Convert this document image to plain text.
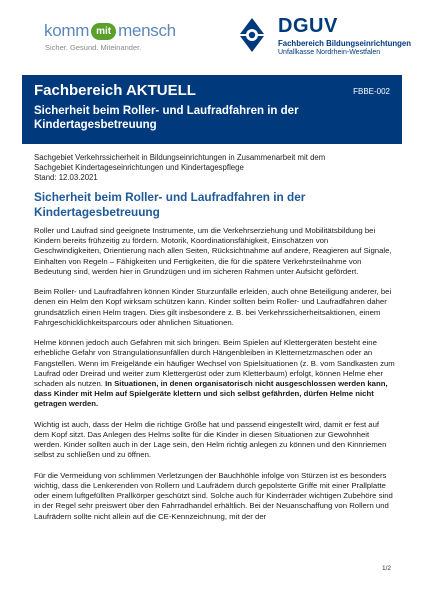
komm mit mensch
Sicher. Gesund. Miteinander.
DGUV
Fachbereich Bildungseinrichtungen
Unfallkasse Nordrhein-Westfalen
Fachbereich AKTUELL	FBBE-002
Sicherheit beim Roller- und Laufradfahren in der Kindertagesbetreuung
Sachgebiet Verkehrssicherheit in Bildungseinrichtungen in Zusammenarbeit mit dem
Sachgebiet Kindertageseinrichtungen und Kindertagespflege
Stand: 12.03.2021
Sicherheit beim Roller- und Laufradfahren in der Kindertagesbetreuung

Roller und Laufrad sind geeignete Instrumente, um die Verkehrserziehung und Mobilitätsbildung bei Kindern bereits frühzeitig zu fördern. Motorik, Koordinationsfähigkeit, Einschätzen von Geschwindigkeiten, Orientierung nach allen Seiten, Rücksichtnahme auf andere, Reagieren auf Signale, Einhalten von Regeln – Fähigkeiten und Fertigkeiten, die für die spätere Verkehrsteilnahme von Bedeutung sind, werden hier in Grundzügen und im sicheren Rahmen unter Aufsicht gefördert.

Beim Roller- und Laufradfahren können Kinder Sturzunfälle erleiden, auch ohne Beteiligung anderer, bei denen ein Helm den Kopf wirksam schützen kann. Kinder sollten beim Roller- und Laufradfahren daher grundsätzlich einen Helm tragen. Dies gilt insbesondere z. B. bei Verkehrssicherheitsaktionen, einem Fahrgeschicklichkeitsparcours oder ähnlichen Situationen.

Helme können jedoch auch Gefahren mit sich bringen. Beim Spielen auf Klettergeräten besteht eine erhebliche Gefahr von Strangulationsunfällen durch Hängenbleiben in Kletternetzmaschen oder an Fangstellen. Wenn im Freigelände ein häufiger Wechsel von Spielsituationen (z. B. vom Sandkasten zum Laufrad oder Dreirad und weiter zum Klettergerüst oder zum Kletterbaum) erfolgt, können Helme eher schaden als nutzen. In Situationen, in denen organisatorisch nicht ausgeschlossen werden kann, dass Kinder mit Helm auf Spielgeräte klettern und sich selbst gefährden, dürfen Helme nicht getragen werden.

Wichtig ist auch, dass der Helm die richtige Größe hat und passend eingestellt wird, damit er fest auf dem Kopf sitzt. Das Anlegen des Helms sollte für die Kinder in diesen Situationen zur Gewohnheit werden. Kinder sollten auch in der Lage sein, den Helm richtig anlegen zu können und den Kinnriemen selbst zu schließen und zu öffnen.

Für die Vermeidung von schlimmen Verletzungen der Bauchhöhle infolge von Stürzen ist es besonders wichtig, dass die Lenkerenden von Rollern und Laufrädern durch gepolsterte Griffe mit einer Prallplatte oder einem luftgefüllten Prallkörper geschützt sind. Solche auch für Kinderräder wichtigen Zubehöre sind in der Regel sehr preiswert über den Fahrradhandel erhältlich. Bei der Neuanschaffung von Rollern und Laufrädern sollte nicht allein auf die CE-Kennzeichnung, mit der der

1/2
